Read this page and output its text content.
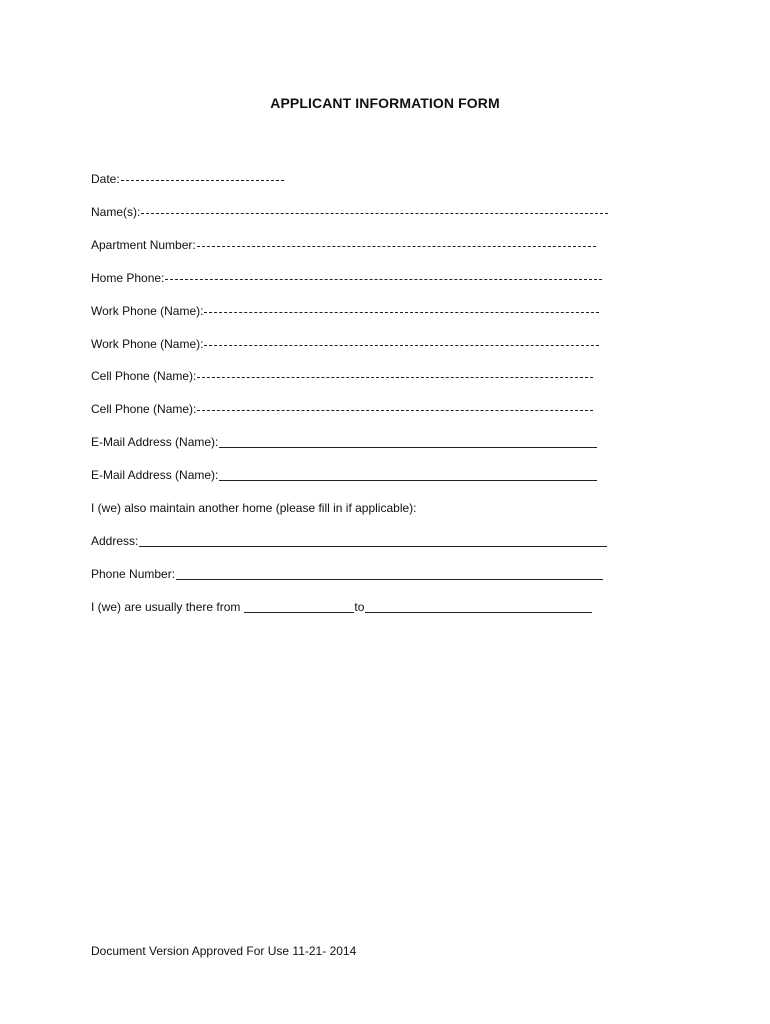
APPLICANT INFORMATION FORM
Date:
Name(s):
Apartment Number:
Home Phone:
Work Phone (Name):
Work Phone (Name):
Cell Phone (Name):
Cell Phone (Name):
E-Mail Address (Name):
E-Mail Address (Name):
I (we) also maintain another home (please fill in if applicable):
Address:
Phone Number:
I (we) are usually there from	to
Document Version Approved For Use 11-21- 2014
